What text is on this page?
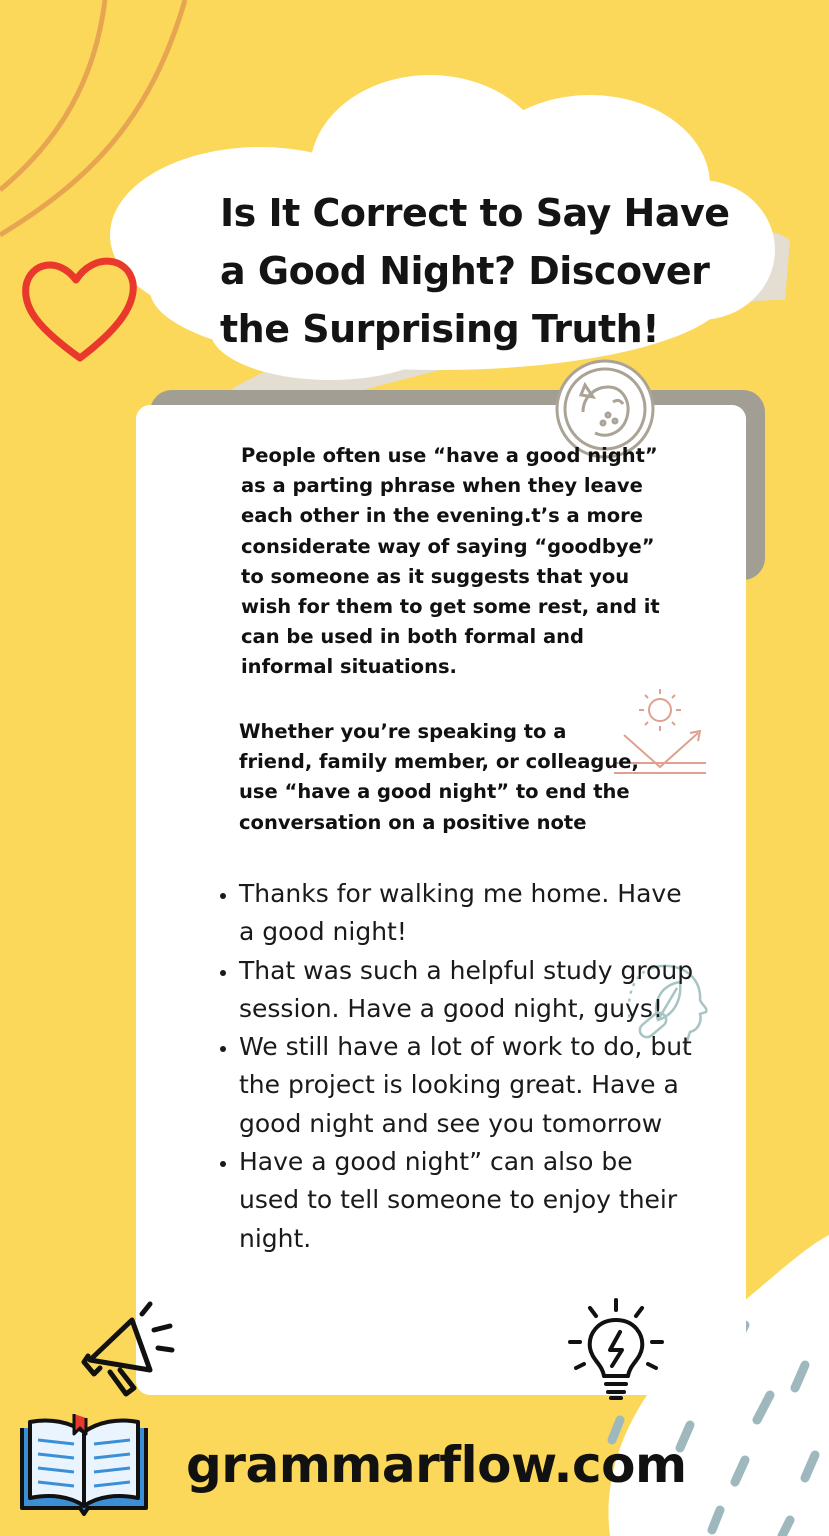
Is It Correct to Say Have a Good Night? Discover the Surprising Truth!
People often use “have a good night” as a parting phrase when they leave each other in the evening.t’s a more considerate way of saying “goodbye” to someone as it suggests that you wish for them to get some rest, and it can be used in both formal and informal situations.
Whether you’re speaking to a friend, family member, or colleague, use “have a good night” to end the conversation on a positive note
• Thanks for walking me home. Have a good night!
• That was such a helpful study group session. Have a good night, guys!
• We still have a lot of work to do, but the project is looking great. Have a good night and see you tomorrow
• Have a good night” can also be used to tell someone to enjoy their night.
grammarflow.com
